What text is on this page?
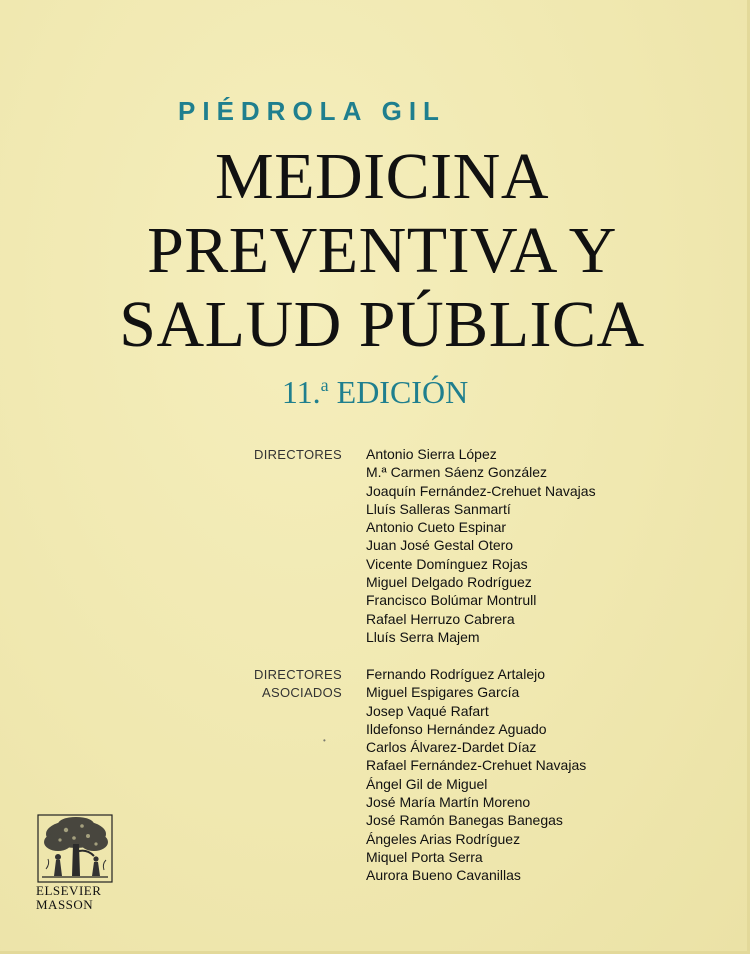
PIÉDROLA GIL
MEDICINA
PREVENTIVA Y
SALUD PÚBLICA
11.$^a$ EDICIÓN
DIRECTORES Antonio Sierra López
M.ª Carmen Sáenz González
Joaquín Fernández-Crehuet Navajas
Lluís Salleras Sanmartí
Antonio Cueto Espinar
Juan José Gestal Otero
Vicente Domínguez Rojas
Miguel Delgado Rodríguez
Francisco Bolúmar Montrull
Rafael Herruzo Cabrera
Lluís Serra Majem
DIRECTORES
ASOCIADOS
Fernando Rodríguez Artalejo
Miguel Espigares García
Josep Vaqué Rafart
Ildefonso Hernández Aguado
Carlos Álvarez-Dardet Díaz
Rafael Fernández-Crehuet Navajas
Ángel Gil de Miguel
José María Martín Moreno
José Ramón Banegas Banegas
Ángeles Arias Rodríguez
Miquel Porta Serra
Aurora Bueno Cavanillas
•
ELSEVIER
MASSON
